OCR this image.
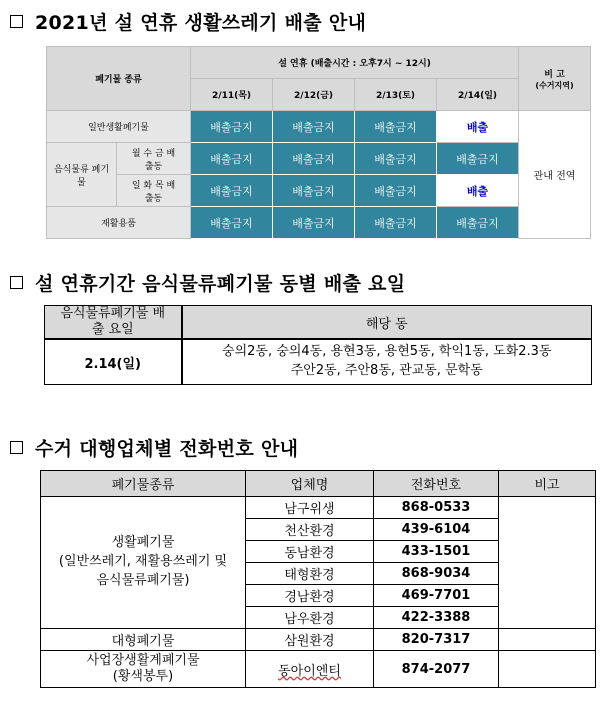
2021년 설 연휴 생활쓰레기 배출 안내
폐기물 종류		설 연휴 (배출시간 : 오후7시 ~ 12시)				비 고
(수거지역)

		2/11(목)	2/12(금)	2/13(토)	2/14(일)	
일반생활폐기물		배출금지	배출금지	배출금지	배출	관내 전역
음식물류 폐기물	월 수 금 배출동	배출금지	배출금지	배출금지	배출금지	
	일 화 목 배출동	배출금지	배출금지	배출금지	배출	
재활용품		배출금지	배출금지	배출금지	배출금지	
설 연휴기간 음식물류폐기물 동별 배출 요일
음식물류폐기물 배출 요일	해당 동
2.14(일)	숭의2동, 숭의4동, 용현3동, 용현5동, 학익1동, 도화2.3동
주안2동, 주안8동, 관교동, 문학동
수거 대행업체별 전화번호 안내
폐기물종류	업체명	전화번호	비고

생활폐기물
(일반쓰레기, 재활용쓰레기 및
음식물류폐기물)	남구위생	868-0533	
	천산환경	439-6104	
	동남환경	433-1501	
	태형환경	868-9034	
	경남환경	469-7701	
	남우환경	422-3388	
대형폐기물	삼원환경	820-7317	

사업장생활계폐기물
(황색봉투)	동아이엔티	874-2077	
